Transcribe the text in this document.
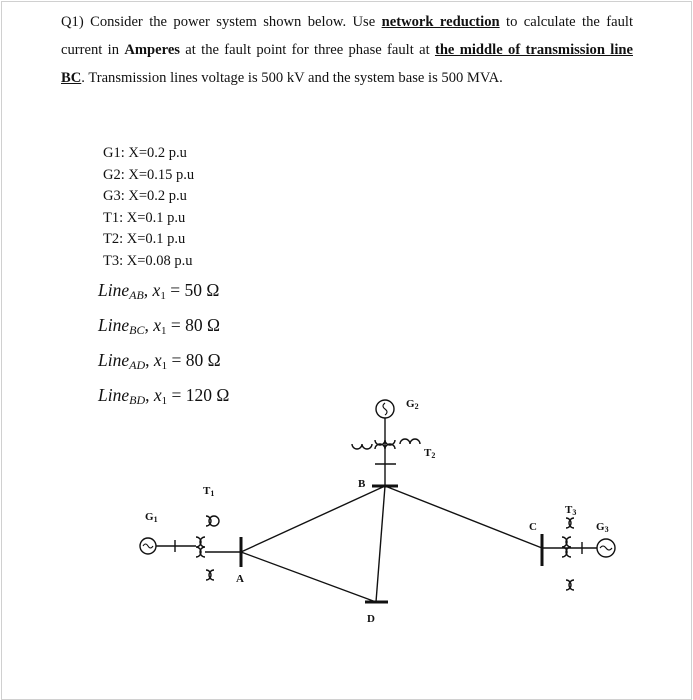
Q1) Consider the power system shown below. Use network reduction to calculate the fault current in Amperes at the fault point for three phase fault at the middle of transmission line BC. Transmission lines voltage is 500 kV and the system base is 500 MVA.
G1: X=0.2 p.u
G2: X=0.15 p.u
G3: X=0.2 p.u
T1: X=0.1 p.u
T2: X=0.1 p.u
T3: X=0.08 p.u
Line$_{AB}$, x1 = 50 Ω
Line$_{BC}$, x1 = 80 Ω
Line$_{AD}$, x1 = 80 Ω
Line$_{BD}$, x1 = 120 Ω
G1
T1
G2
T2
G3
T3
A
B
C
D
